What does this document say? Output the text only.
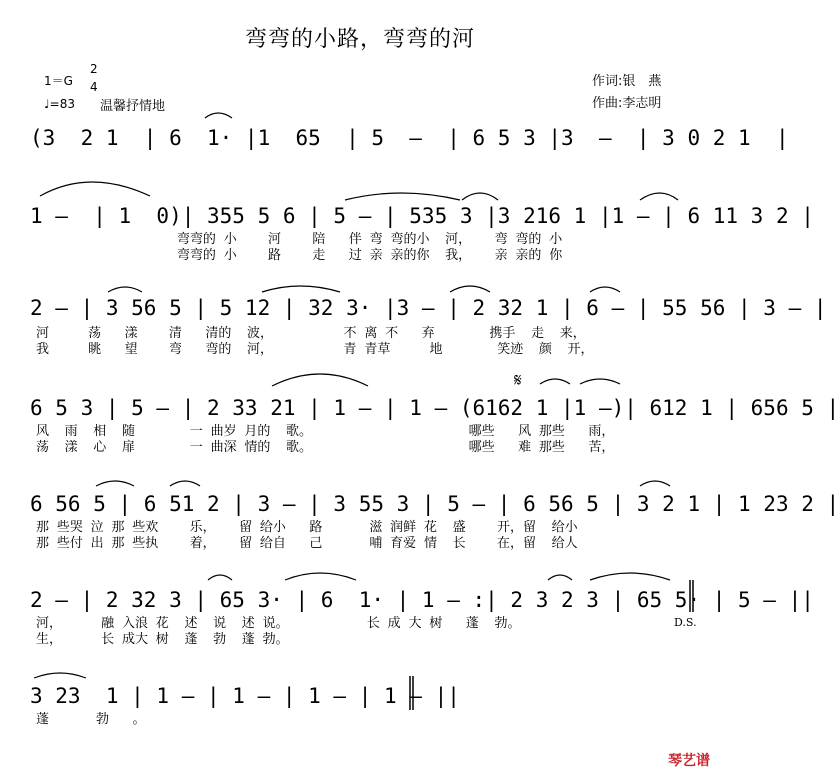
弯弯的小路，弯弯的河
1＝G
2
4
♩=83 温馨抒情地
作词:银　燕
作曲:李志明
(3  2 1  | 6  1· |1  65  | 5  –  | 6 5 3 |3  –  | 3 0 2 1  |
1 –  | 1  0)| 355 5 6 | 5 – | 535 3 |3 216 1 |1 – | 6 11 3 2 |
弯弯的 小    河    陪   伴 弯 弯的小  河，   弯 弯的 小
弯弯的 小    路    走   过 亲 亲的你  我，   亲 亲的 你
2 – | 3 56 5 | 5 12 | 32 3· |3 – | 2 32 1 | 6 – | 55 56 | 3 – |
河     荡   漾    清   清的  波，         不 离 不   弃       携手  走  来，
我     眺   望    弯   弯的  河，         青 青草     地       笑迹  颜  开，
6 5 3 | 5 – | 2 33 21 | 1 – | 1 – (6162 1 |1 –)| 612 1 | 656 5 |
风  雨  相  随       一 曲岁 月的  歌。                    哪些   风 那些   雨，
荡  漾  心  扉       一 曲深 情的  歌。                    哪些   难 那些   苦，
𝄋
6 56 5 | 6 51 2 | 3 – | 3 55 3 | 5 – | 6 56 5 | 3 2 1 | 1 23 2 |
那 些哭 泣 那 些欢    乐，   留 给小   路      滋 润鲜 花  盛    开，留  给小
那 些付 出 那 些执    着，   留 给自   己      哺 育爱 情  长    在，留  给人
2 – | 2 32 3 | 65 3· | 6  1· | 1 – :| 2 3 2 3 | 65 5· | 5 – ||
河，     融 入浪 花  述  说  述 说。          长 成 大 树   蓬  勃。
生，     长 成大 树  蓬  勃  蓬 勃。
D.S.
3 23  1 | 1 – | 1 – | 1 – | 1 – ||
蓬      勃   。
琴艺谱
